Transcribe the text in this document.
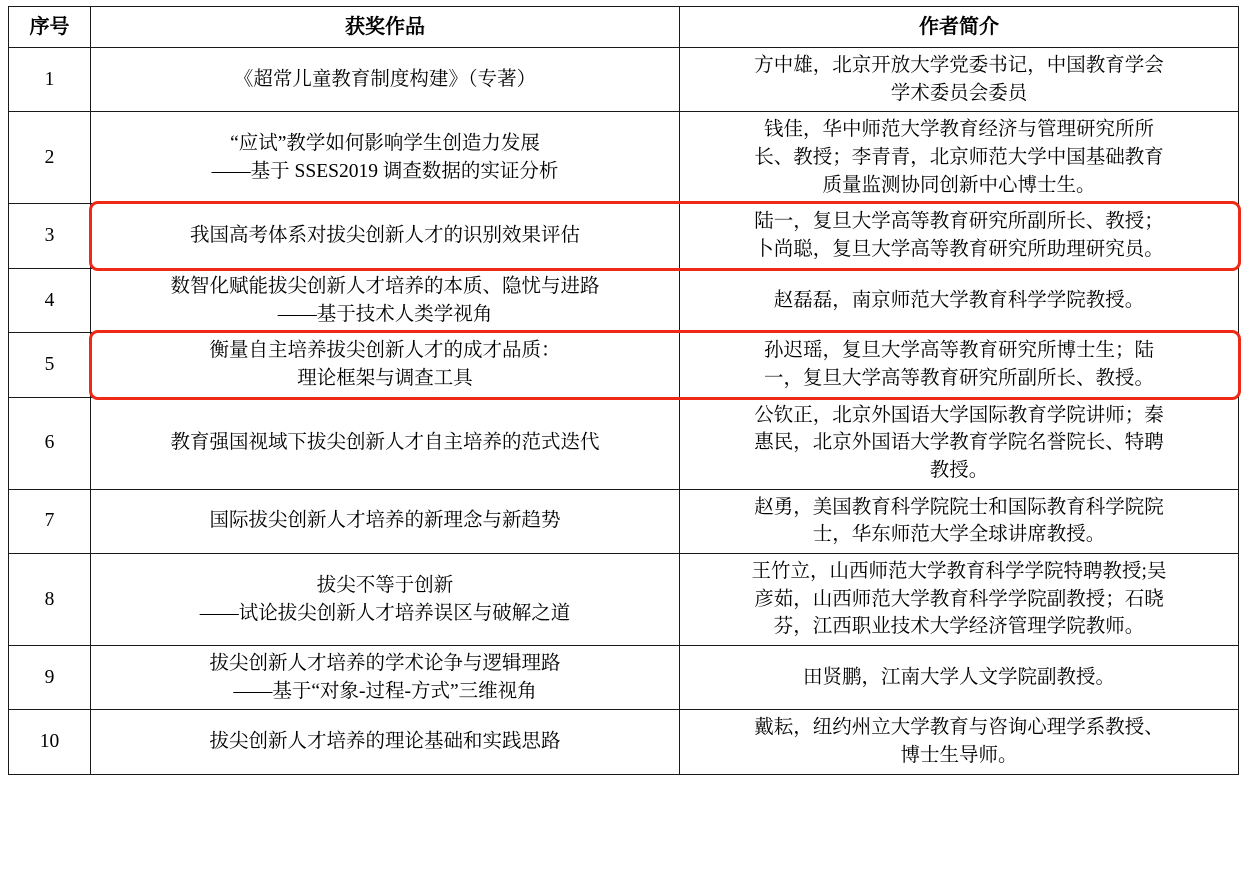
序号	获奖作品	作者简介
1	《超常儿童教育制度构建》（专著）	方中雄，北京开放大学党委书记，中国教育学会
学术委员会委员

2	“应试”教学如何影响学生创造力发展
——基于 SSES2019 调查数据的实证分析	钱佳，华中师范大学教育经济与管理研究所所
长、教授；李青青，北京师范大学中国基础教育
质量监测协同创新中心博士生。

3	我国高考体系对拔尖创新人才的识别效果评估	陆一，复旦大学高等教育研究所副所长、教授；
卜尚聪，复旦大学高等教育研究所助理研究员。

4	数智化赋能拔尖创新人才培养的本质、隐忧与进路
——基于技术人类学视角	赵磊磊，南京师范大学教育科学学院教授。

5	衡量自主培养拔尖创新人才的成才品质：
理论框架与调查工具	孙迟瑶，复旦大学高等教育研究所博士生；陆
一，复旦大学高等教育研究所副所长、教授。

6	教育强国视域下拔尖创新人才自主培养的范式迭代	公钦正，北京外国语大学国际教育学院讲师；秦
惠民，北京外国语大学教育学院名誉院长、特聘
教授。

7	国际拔尖创新人才培养的新理念与新趋势	赵勇，美国教育科学院院士和国际教育科学院院
士，华东师范大学全球讲席教授。

8	拔尖不等于创新
——试论拔尖创新人才培养误区与破解之道	王竹立，山西师范大学教育科学学院特聘教授;吴
彦茹，山西师范大学教育科学学院副教授；石晓
芬，江西职业技术大学经济管理学院教师。

9	拔尖创新人才培养的学术论争与逻辑理路
——基于“对象-过程-方式”三维视角	田贤鹏，江南大学人文学院副教授。

10	拔尖创新人才培养的理论基础和实践思路	戴耘，纽约州立大学教育与咨询心理学系教授、
博士生导师。
